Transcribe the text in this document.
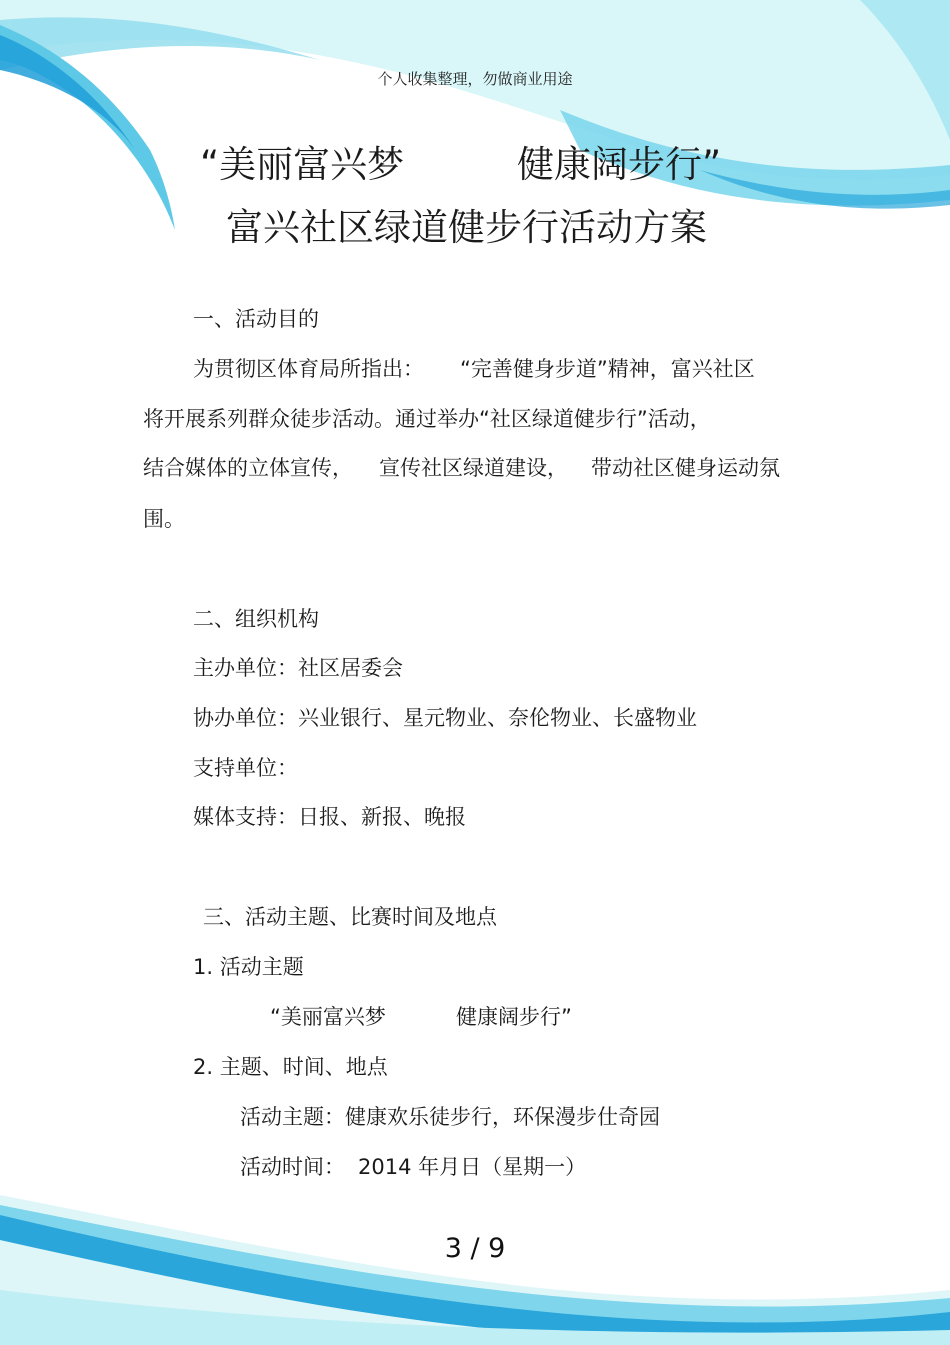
个人收集整理，勿做商业用途
“美丽富兴梦	健康阔步行”
富兴社区绿道健步行活动方案
一、活动目的
为贯彻区体育局所指出： “完善健身步道”精神，富兴社区
将开展系列群众徒步活动。通过举办“社区绿道健步行”活动，
结合媒体的立体宣传， 宣传社区绿道建设， 带动社区健身运动氛
围。
二、组织机构
主办单位：社区居委会
协办单位：兴业银行、星元物业、奈伦物业、长盛物业
支持单位：
媒体支持：日报、新报、晚报
三、活动主题、比赛时间及地点
1. 活动主题
“美丽富兴梦	健康阔步行”
2. 主题、时间、地点
活动主题：健康欢乐徒步行，环保漫步仕奇园
活动时间： 2014 年月日（星期一）
3 / 9
